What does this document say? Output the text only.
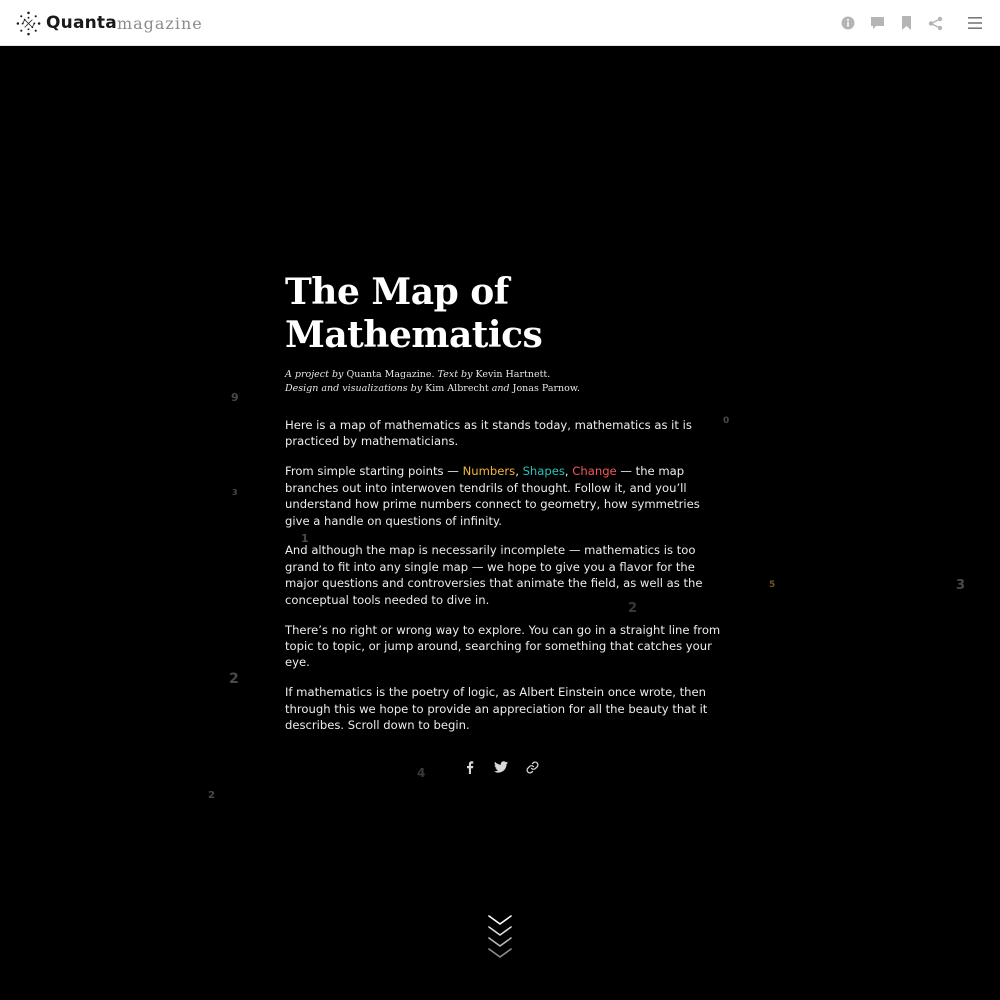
Quanta magazine
9
3
1
2
2
4
0
5	3
2
The Map of
Mathematics
A project by Quanta Magazine. Text by Kevin Hartnett.
Design and visualizations by Kim Albrecht and Jonas Parnow.

Here is a map of mathematics as it stands today, mathematics as it is practiced by mathematicians.

From simple starting points — Numbers, Shapes, Change — the map branches out into interwoven tendrils of thought. Follow it, and you’ll understand how prime numbers connect to geometry, how symmetries give a handle on questions of infinity.

And although the map is necessarily incomplete — mathematics is too grand to fit into any single map — we hope to give you a flavor for the major questions and controversies that animate the field, as well as the conceptual tools needed to dive in.

There’s no right or wrong way to explore. You can go in a straight line from topic to topic, or jump around, searching for something that catches your eye.

If mathematics is the poetry of logic, as Albert Einstein once wrote, then through this we hope to provide an appreciation for all the beauty that it describes. Scroll down to begin.
